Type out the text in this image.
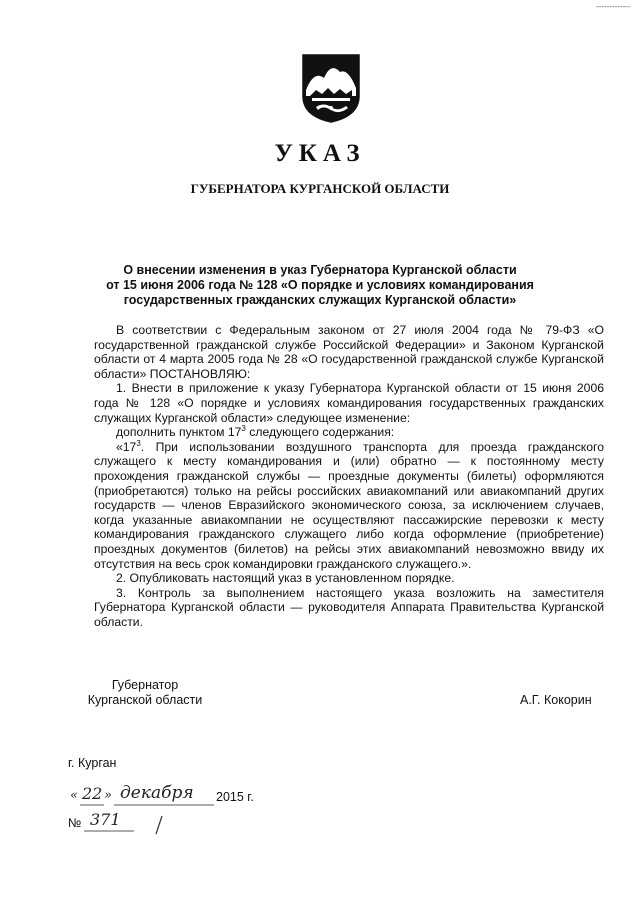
-------------
УКАЗ
ГУБЕРНАТОРА КУРГАНСКОЙ ОБЛАСТИ
О внесении изменения в указ Губернатора Курганской области
от 15 июня 2006 года № 128 «О порядке и условиях командирования
государственных гражданских служащих Курганской области»

В соответствии с Федеральным законом от 27 июля 2004 года № 79-ФЗ «О государственной гражданской службе Российской Федерации» и Законом Курганской области от 4 марта 2005 года № 28 «О государственной гражданской службе Курганской области» ПОСТАНОВЛЯЮ:

1. Внести в приложение к указу Губернатора Курганской области от 15 июня 2006 года № 128 «О порядке и условиях командирования государственных гражданских служащих Курганской области» следующее изменение:

дополнить пунктом $17^3$ следующего содержания:

«$17^3$. При использовании воздушного транспорта для проезда гражданского служащего к месту командирования и (или) обратно — к постоянному месту прохождения гражданской службы — проездные документы (билеты) оформляются (приобретаются) только на рейсы российских авиакомпаний или авиакомпаний других государств — членов Евразийского экономического союза, за исключением случаев, когда указанные авиакомпании не осуществляют пассажирские перевозки к месту командирования гражданского служащего либо когда оформление (приобретение) проездных документов (билетов) на рейсы этих авиакомпаний невозможно ввиду их отсутствия на весь срок командировки гражданского служащего.».

2. Опубликовать настоящий указ в установленном порядке.

3. Контроль за выполнением настоящего указа возложить на заместителя Губернатора Курганской области — руководителя Аппарата Правительства Курганской области.

Губернатор
Курганской области	А.Г. Кокорин
г. Курган
« 22 » декабря 2015 г.
№ 371
